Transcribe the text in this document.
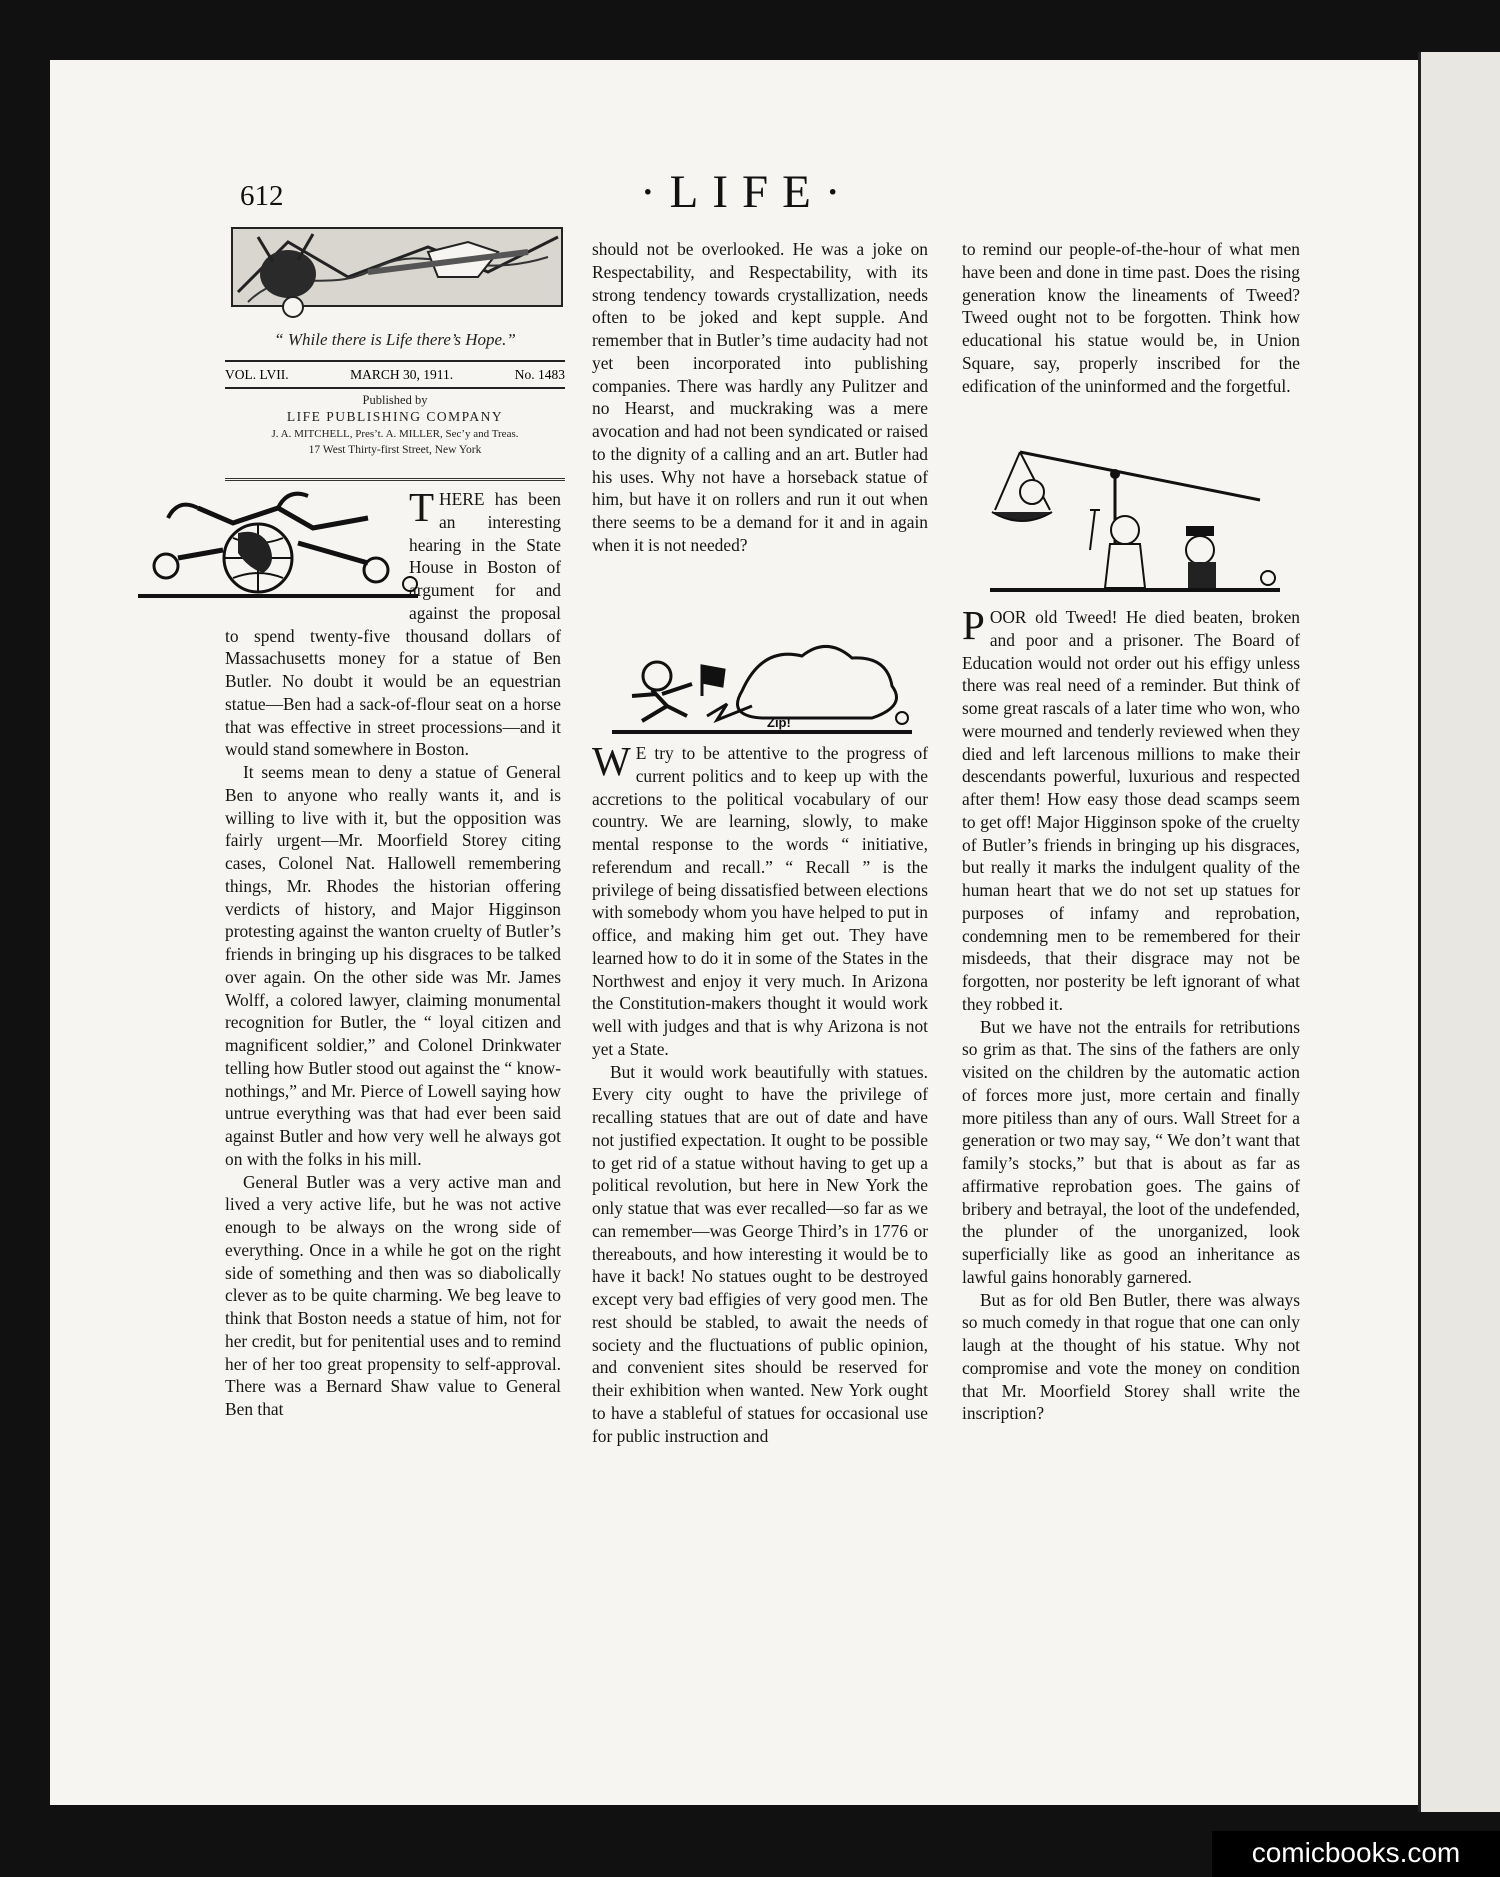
612	·LIFE·
“ While there is Life there’s Hope.”
VOL. LVII.	MARCH 30, 1911.	No. 1483
Published by
LIFE PUBLISHING COMPANY
J. A. MITCHELL, Pres’t. A. MILLER, Sec’y and Treas.
17 West Thirty-first Street, New York

THERE has been an interesting hearing in the State House in Boston of argument for and against the proposal to spend twenty-five thousand dollars of Massachusetts money for a statue of Ben Butler. No doubt it would be an equestrian statue—Ben had a sack-of-flour seat on a horse that was effective in street processions—and it would stand somewhere in Boston.

It seems mean to deny a statue of General Ben to anyone who really wants it, and is willing to live with it, but the opposition was fairly urgent—Mr. Moorfield Storey citing cases, Colonel Nat. Hallowell remembering things, Mr. Rhodes the historian offering verdicts of history, and Major Higginson protesting against the wanton cruelty of Butler’s friends in bringing up his disgraces to be talked over again. On the other side was Mr. James Wolff, a colored lawyer, claiming monumental recognition for Butler, the “ loyal citizen and magnificent soldier,” and Colonel Drinkwater telling how Butler stood out against the “ know-nothings,” and Mr. Pierce of Lowell saying how untrue everything was that had ever been said against Butler and how very well he always got on with the folks in his mill.

General Butler was a very active man and lived a very active life, but he was not active enough to be always on the wrong side of everything. Once in a while he got on the right side of something and then was so diabolically clever as to be quite charming. We beg leave to think that Boston needs a statue of him, not for her credit, but for penitential uses and to remind her of her too great propensity to self-approval. There was a Bernard Shaw value to General Ben that

should not be overlooked. He was a joke on Respectability, and Respectability, with its strong tendency towards crystallization, needs often to be joked and kept supple. And remember that in Butler’s time audacity had not yet been incorporated into publishing companies. There was hardly any Pulitzer and no Hearst, and muckraking was a mere avocation and had not been syndicated or raised to the dignity of a calling and an art. Butler had his uses. Why not have a horseback statue of him, but have it on rollers and run it out when there seems to be a demand for it and in again when it is not needed?

Zip!

W E try to be attentive to the progress of current politics and to keep up with the accretions to the political vocabulary of our country. We are learning, slowly, to make mental response to the words “ initiative, referendum and recall.” “ Recall ” is the privilege of being dissatisfied between elections with somebody whom you have helped to put in office, and making him get out. They have learned how to do it in some of the States in the Northwest and enjoy it very much. In Arizona the Constitution-makers thought it would work well with judges and that is why Arizona is not yet a State.

But it would work beautifully with statues. Every city ought to have the privilege of recalling statues that are out of date and have not justified expectation. It ought to be possible to get rid of a statue without having to get up a political revolution, but here in New York the only statue that was ever recalled—so far as we can remember—was George Third’s in 1776 or thereabouts, and how interesting it would be to have it back! No statues ought to be destroyed except very bad effigies of very good men. The rest should be stabled, to await the needs of society and the fluctuations of public opinion, and convenient sites should be reserved for their exhibition when wanted. New York ought to have a stableful of statues for occasional use for public instruction and

to remind our people-of-the-hour of what men have been and done in time past. Does the rising generation know the lineaments of Tweed? Tweed ought not to be forgotten. Think how educational his statue would be, in Union Square, say, properly inscribed for the edification of the uninformed and the forgetful.

POOR old Tweed! He died beaten, broken and poor and a prisoner. The Board of Education would not order out his effigy unless there was real need of a reminder. But think of some great rascals of a later time who won, who were mourned and tenderly reviewed when they died and left larcenous millions to make their descendants powerful, luxurious and respected after them! How easy those dead scamps seem to get off! Major Higginson spoke of the cruelty of Butler’s friends in bringing up his disgraces, but really it marks the indulgent quality of the human heart that we do not set up statues for purposes of infamy and reprobation, condemning men to be remembered for their misdeeds, that their disgrace may not be forgotten, nor posterity be left ignorant of what they robbed it.

But we have not the entrails for retributions so grim as that. The sins of the fathers are only visited on the children by the automatic action of forces more just, more certain and finally more pitiless than any of ours. Wall Street for a generation or two may say, “ We don’t want that family’s stocks,” but that is about as far as affirmative reprobation goes. The gains of bribery and betrayal, the loot of the undefended, the plunder of the unorganized, look superficially like as good an inheritance as lawful gains honorably garnered.

But as for old Ben Butler, there was always so much comedy in that rogue that one can only laugh at the thought of his statue. Why not compromise and vote the money on condition that Mr. Moorfield Storey shall write the inscription?

comicbooks.com
